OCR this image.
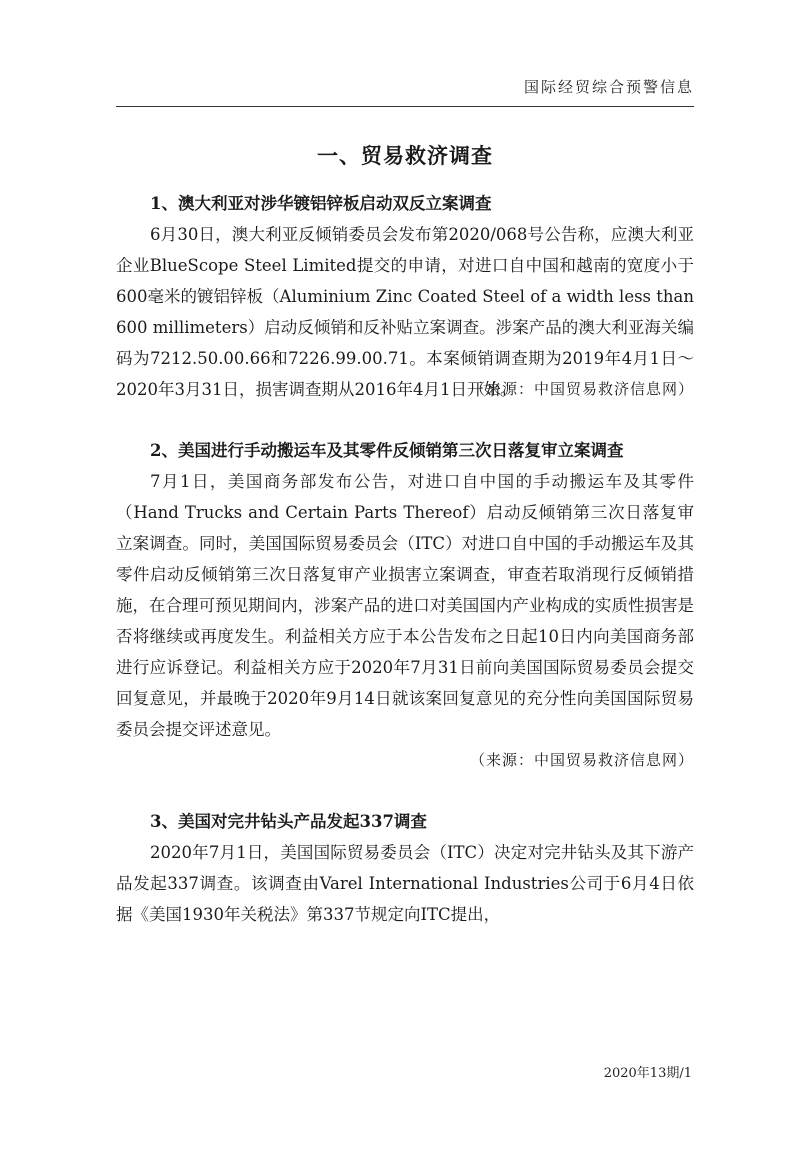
国际经贸综合预警信息
一、贸易救济调查

1、澳大利亚对涉华镀铝锌板启动双反立案调查

6月30日，澳大利亚反倾销委员会发布第2020/068号公告称，应澳大利亚企业BlueScope Steel Limited提交的申请，对进口自中国和越南的宽度小于600毫米的镀铝锌板（Aluminium Zinc Coated Steel of a width less than 600 millimeters）启动反倾销和反补贴立案调查。涉案产品的澳大利亚海关编码为7212.50.00.66和7226.99.00.71。本案倾销调查期为2019年4月1日～2020年3月31日，损害调查期从2016年4月1日开始。

（来源：中国贸易救济信息网）

2、美国进行手动搬运车及其零件反倾销第三次日落复审立案调查

7月1日，美国商务部发布公告，对进口自中国的手动搬运车及其零件（Hand Trucks and Certain Parts Thereof）启动反倾销第三次日落复审立案调查。同时，美国国际贸易委员会（ITC）对进口自中国的手动搬运车及其零件启动反倾销第三次日落复审产业损害立案调查，审查若取消现行反倾销措施，在合理可预见期间内，涉案产品的进口对美国国内产业构成的实质性损害是否将继续或再度发生。利益相关方应于本公告发布之日起10日内向美国商务部进行应诉登记。利益相关方应于2020年7月31日前向美国国际贸易委员会提交回复意见，并最晚于2020年9月14日就该案回复意见的充分性向美国国际贸易委员会提交评述意见。

（来源：中国贸易救济信息网）

3、美国对完井钻头产品发起337调查

2020年7月1日，美国国际贸易委员会（ITC）决定对完井钻头及其下游产品发起337调查。该调查由Varel International Industries公司于6月4日依据《美国1930年关税法》第337节规定向ITC提出，

2020年13期/1
